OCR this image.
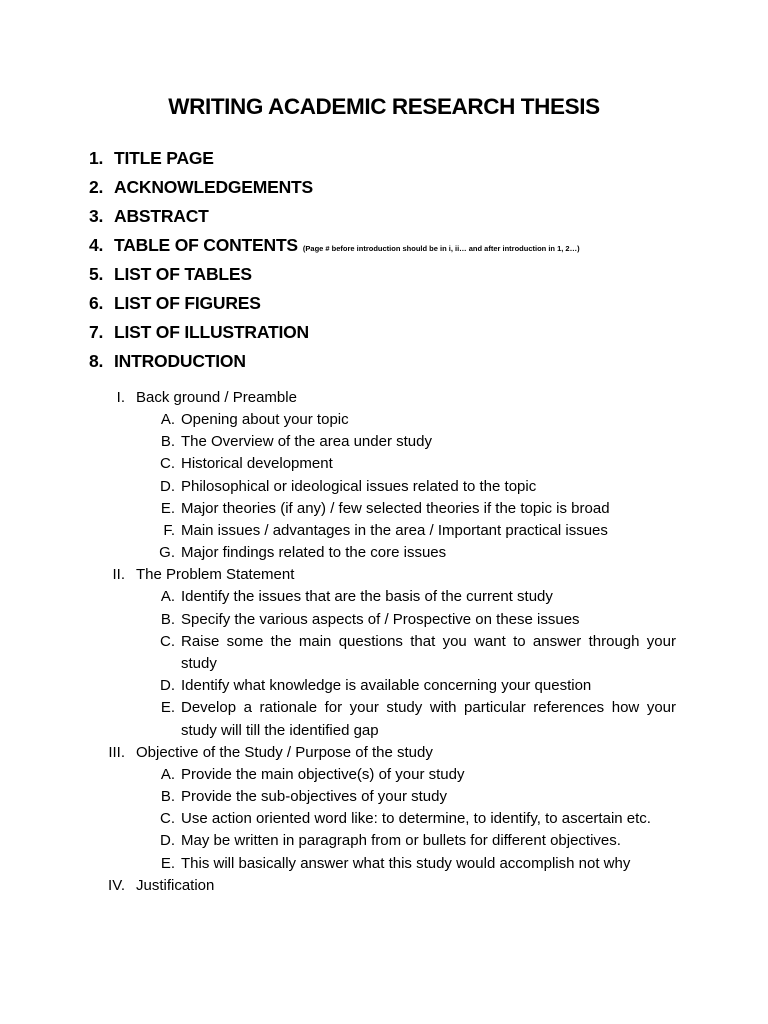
WRITING ACADEMIC RESEARCH THESIS
1. TITLE PAGE
2. ACKNOWLEDGEMENTS
3. ABSTRACT
4. TABLE OF CONTENTS (Page # before introduction should be in i, ii… and after introduction in 1, 2…)
5. LIST OF TABLES
6. LIST OF FIGURES
7. LIST OF ILLUSTRATION
8. INTRODUCTION
I. Back ground / Preamble
A. Opening about your topic
B. The Overview of the area under study
C. Historical development
D. Philosophical or ideological issues related to the topic
E. Major theories (if any) / few selected theories if the topic is broad
F. Main issues / advantages in the area / Important practical issues
G. Major findings related to the core issues
II. The Problem Statement
A. Identify the issues that are the basis of the current study
B. Specify the various aspects of / Prospective on these issues
C. Raise some the main questions that you want to answer through your study
D. Identify what knowledge is available concerning your question
E. Develop a rationale for your study with particular references how your study will till the identified gap
III. Objective of the Study / Purpose of the study
A. Provide the main objective(s) of your study
B. Provide the sub-objectives of your study
C. Use action oriented word like: to determine, to identify, to ascertain etc.
D. May be written in paragraph from or bullets for different objectives.
E. This will basically answer what this study would accomplish not why
IV. Justification
